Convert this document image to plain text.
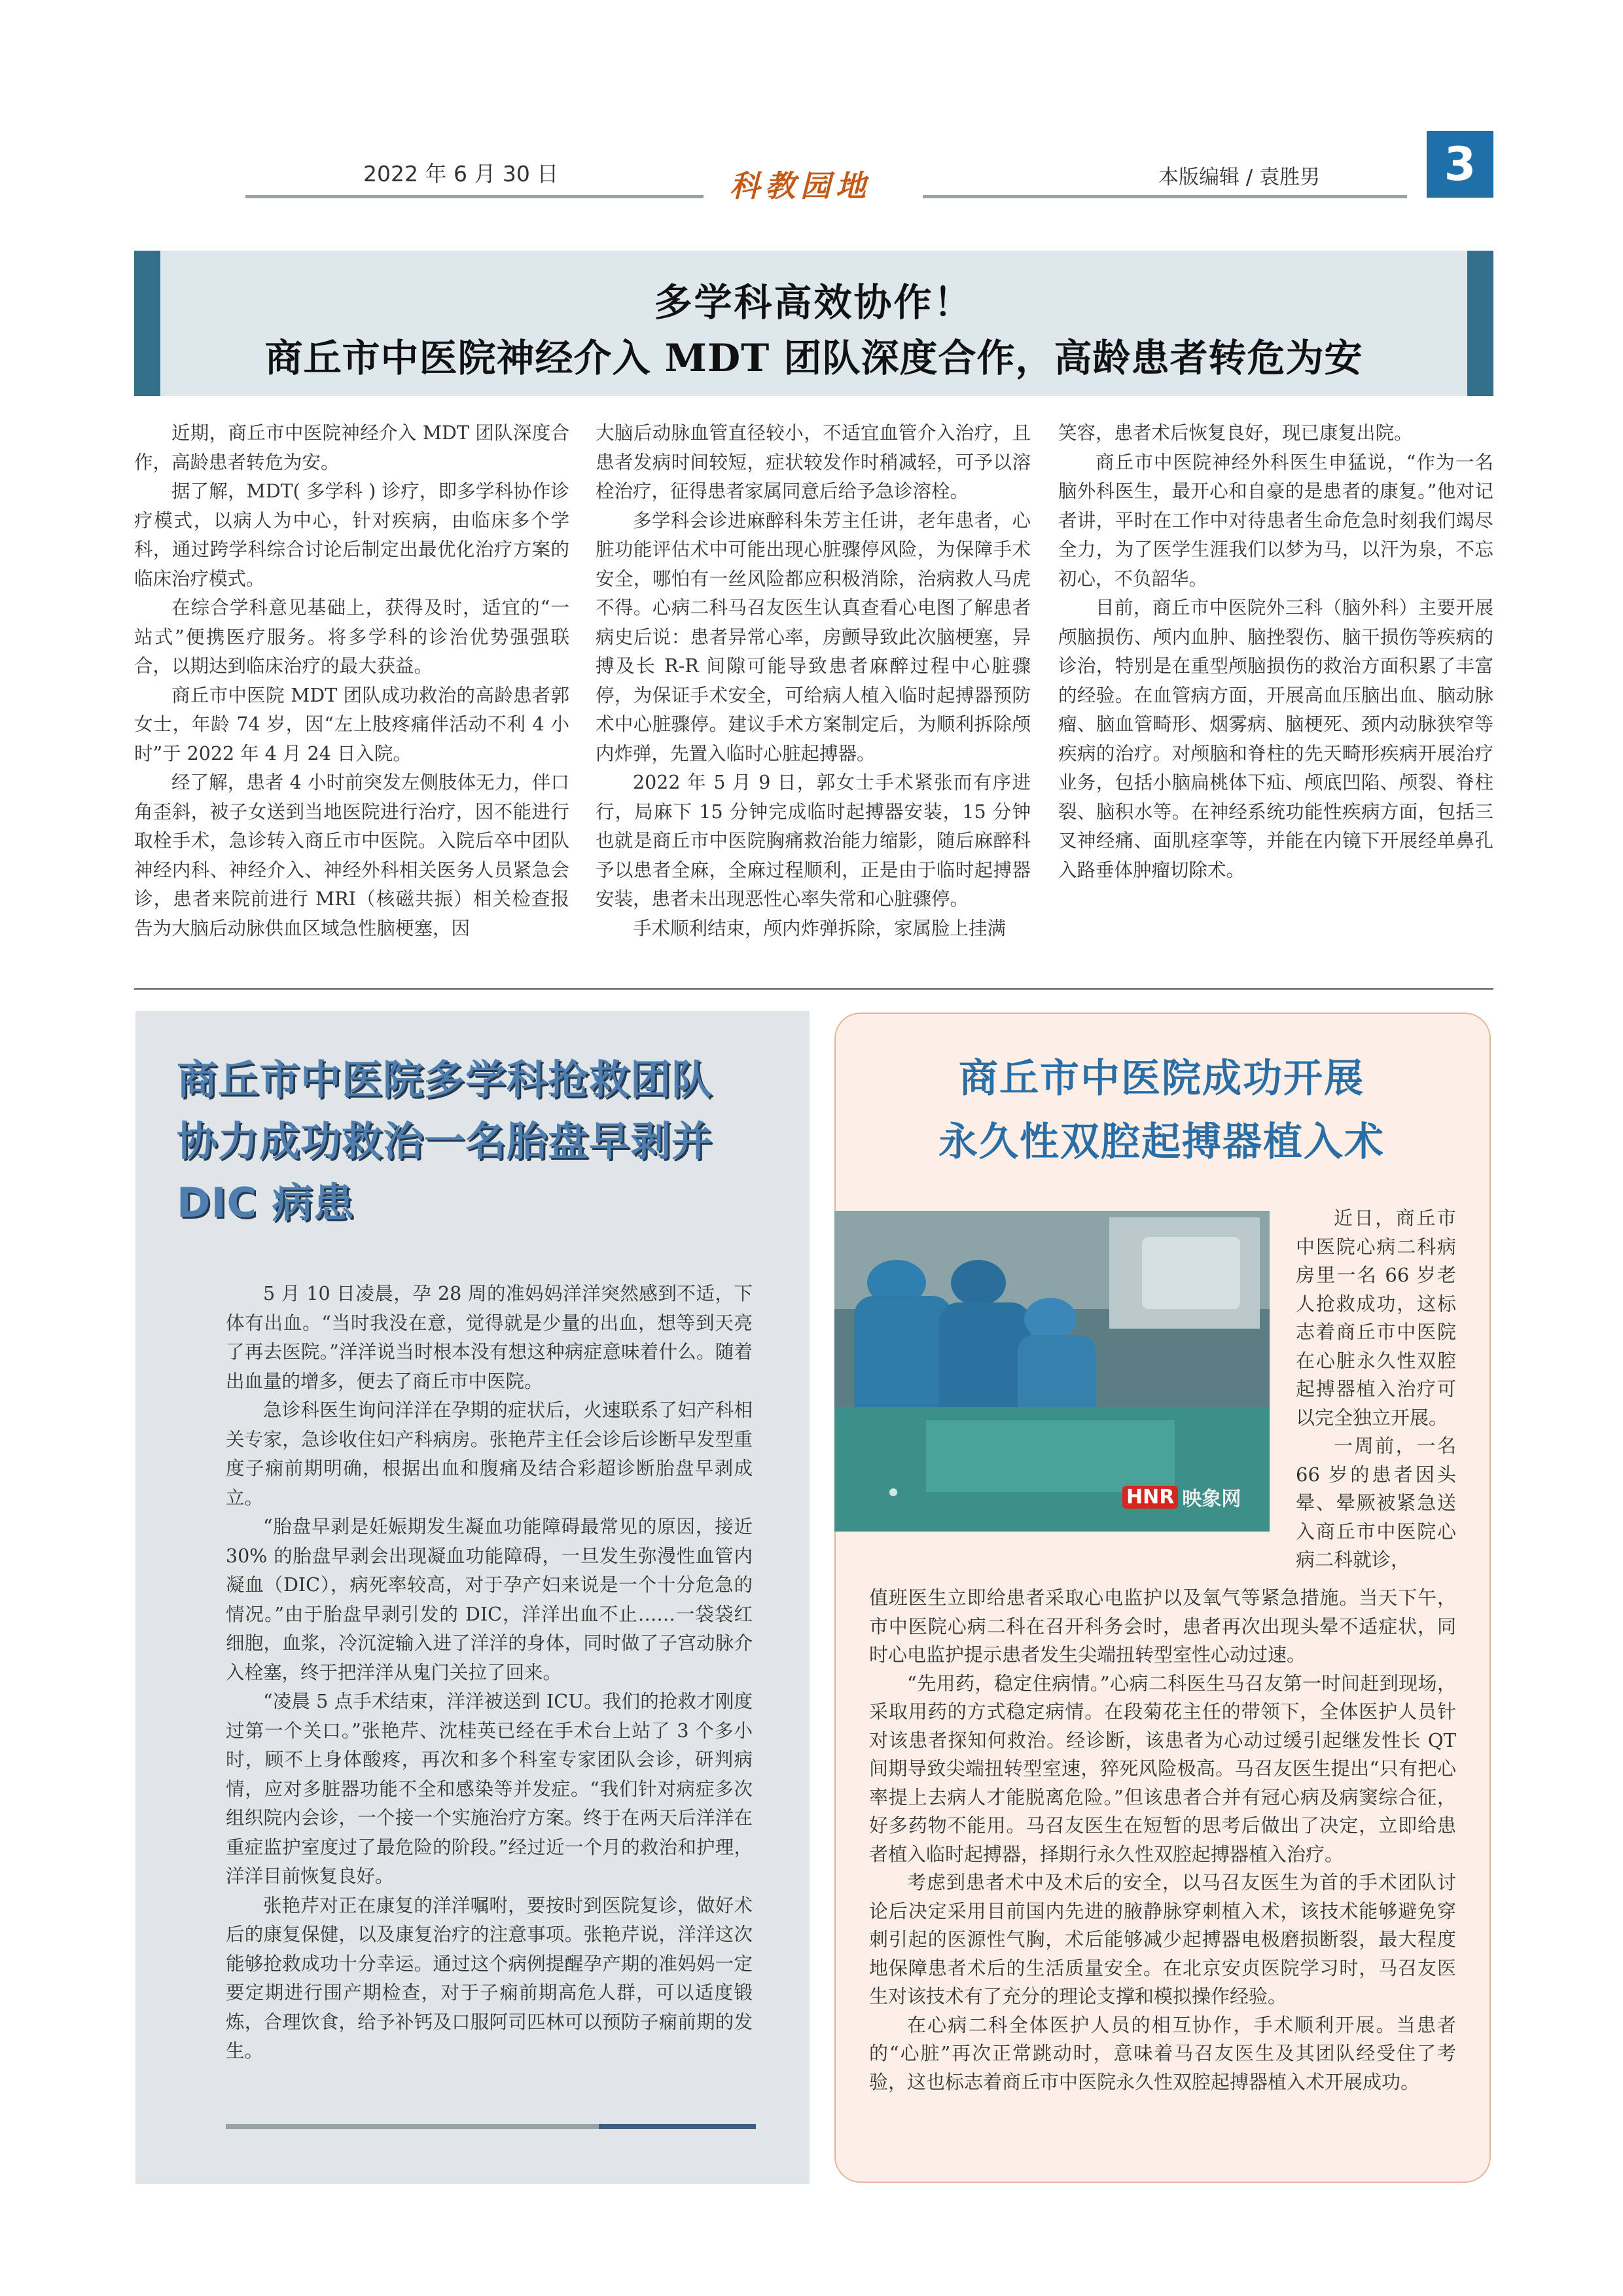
2022 年 6 月 30 日	科教园地	本版编辑 / 袁胜男	3
多学科高效协作！
商丘市中医院神经介入 MDT 团队深度合作，高龄患者转危为安

近期，商丘市中医院神经介入 MDT 团队深度合作，高龄患者转危为安。

据了解，MDT( 多学科 ) 诊疗，即多学科协作诊疗模式，以病人为中心，针对疾病，由临床多个学科，通过跨学科综合讨论后制定出最优化治疗方案的临床治疗模式。

在综合学科意见基础上，获得及时，适宜的“一站式”便携医疗服务。将多学科的诊治优势强强联合，以期达到临床治疗的最大获益。

商丘市中医院 MDT 团队成功救治的高龄患者郭女士，年龄 74 岁，因“左上肢疼痛伴活动不利 4 小时”于 2022 年 4 月 24 日入院。

经了解，患者 4 小时前突发左侧肢体无力，伴口角歪斜，被子女送到当地医院进行治疗，因不能进行取栓手术，急诊转入商丘市中医院。入院后卒中团队神经内科、神经介入、神经外科相关医务人员紧急会诊，患者来院前进行 MRI（核磁共振）相关检查报告为大脑后动脉供血区域急性脑梗塞，因

大脑后动脉血管直径较小，不适宜血管介入治疗，且患者发病时间较短，症状较发作时稍减轻，可予以溶栓治疗，征得患者家属同意后给予急诊溶栓。

多学科会诊进麻醉科朱芳主任讲，老年患者，心脏功能评估术中可能出现心脏骤停风险，为保障手术安全，哪怕有一丝风险都应积极消除，治病救人马虎不得。心病二科马召友医生认真查看心电图了解患者病史后说：患者异常心率，房颤导致此次脑梗塞，异搏及长 R-R 间隙可能导致患者麻醉过程中心脏骤停，为保证手术安全，可给病人植入临时起搏器预防术中心脏骤停。建议手术方案制定后，为顺利拆除颅内炸弹，先置入临时心脏起搏器。

2022 年 5 月 9 日，郭女士手术紧张而有序进行，局麻下 15 分钟完成临时起搏器安装，15 分钟也就是商丘市中医院胸痛救治能力缩影，随后麻醉科予以患者全麻，全麻过程顺利，正是由于临时起搏器安装，患者未出现恶性心率失常和心脏骤停。

手术顺利结束，颅内炸弹拆除，家属脸上挂满

笑容，患者术后恢复良好，现已康复出院。

商丘市中医院神经外科医生申猛说，“作为一名脑外科医生，最开心和自豪的是患者的康复。”他对记者讲，平时在工作中对待患者生命危急时刻我们竭尽全力，为了医学生涯我们以梦为马，以汗为泉，不忘初心，不负韶华。

目前，商丘市中医院外三科（脑外科）主要开展颅脑损伤、颅内血肿、脑挫裂伤、脑干损伤等疾病的诊治，特别是在重型颅脑损伤的救治方面积累了丰富的经验。在血管病方面，开展高血压脑出血、脑动脉瘤、脑血管畸形、烟雾病、脑梗死、颈内动脉狭窄等疾病的治疗。对颅脑和脊柱的先天畸形疾病开展治疗业务，包括小脑扁桃体下疝、颅底凹陷、颅裂、脊柱裂、脑积水等。在神经系统功能性疾病方面，包括三叉神经痛、面肌痉挛等，并能在内镜下开展经单鼻孔入路垂体肿瘤切除术。

商丘市中医院多学科抢救团队
协力成功救治一名胎盘早剥并
DIC 病患

5 月 10 日凌晨，孕 28 周的准妈妈洋洋突然感到不适，下体有出血。“当时我没在意，觉得就是少量的出血，想等到天亮了再去医院。”洋洋说当时根本没有想这种病症意味着什么。随着出血量的增多，便去了商丘市中医院。

急诊科医生询问洋洋在孕期的症状后，火速联系了妇产科相关专家，急诊收住妇产科病房。张艳芹主任会诊后诊断早发型重度子痫前期明确，根据出血和腹痛及结合彩超诊断胎盘早剥成立。

“胎盘早剥是妊娠期发生凝血功能障碍最常见的原因，接近 30% 的胎盘早剥会出现凝血功能障碍，一旦发生弥漫性血管内凝血（DIC），病死率较高，对于孕产妇来说是一个十分危急的情况。”由于胎盘早剥引发的 DIC，洋洋出血不止……一袋袋红细胞，血浆，冷沉淀输入进了洋洋的身体，同时做了子宫动脉介入栓塞，终于把洋洋从鬼门关拉了回来。

“凌晨 5 点手术结束，洋洋被送到 ICU。我们的抢救才刚度过第一个关口。”张艳芹、沈桂英已经在手术台上站了 3 个多小时，顾不上身体酸疼，再次和多个科室专家团队会诊，研判病情，应对多脏器功能不全和感染等并发症。“我们针对病症多次组织院内会诊，一个接一个实施治疗方案。终于在两天后洋洋在重症监护室度过了最危险的阶段。”经过近一个月的救治和护理，洋洋目前恢复良好。

张艳芹对正在康复的洋洋嘱咐，要按时到医院复诊，做好术后的康复保健，以及康复治疗的注意事项。张艳芹说，洋洋这次能够抢救成功十分幸运。通过这个病例提醒孕产期的准妈妈一定要定期进行围产期检查，对于子痫前期高危人群，可以适度锻炼，合理饮食，给予补钙及口服阿司匹林可以预防子痫前期的发生。

商丘市中医院成功开展
永久性双腔起搏器植入术
HNR 映象网

近日，商丘市中医院心病二科病房里一名 66 岁老人抢救成功，这标志着商丘市中医院在心脏永久性双腔起搏器植入治疗可以完全独立开展。

一周前，一名 66 岁的患者因头晕、晕厥被紧急送入商丘市中医院心病二科就诊，

值班医生立即给患者采取心电监护以及氧气等紧急措施。当天下午，市中医院心病二科在召开科务会时，患者再次出现头晕不适症状，同时心电监护提示患者发生尖端扭转型室性心动过速。

“先用药，稳定住病情。”心病二科医生马召友第一时间赶到现场，采取用药的方式稳定病情。在段菊花主任的带领下，全体医护人员针对该患者探知何救治。经诊断，该患者为心动过缓引起继发性长 QT 间期导致尖端扭转型室速，猝死风险极高。马召友医生提出“只有把心率提上去病人才能脱离危险。”但该患者合并有冠心病及病窦综合征，好多药物不能用。马召友医生在短暂的思考后做出了决定，立即给患者植入临时起搏器，择期行永久性双腔起搏器植入治疗。

考虑到患者术中及术后的安全，以马召友医生为首的手术团队讨论后决定采用目前国内先进的腋静脉穿刺植入术，该技术能够避免穿刺引起的医源性气胸，术后能够减少起搏器电极磨损断裂，最大程度地保障患者术后的生活质量安全。在北京安贞医院学习时，马召友医生对该技术有了充分的理论支撑和模拟操作经验。

在心病二科全体医护人员的相互协作，手术顺利开展。当患者的“心脏”再次正常跳动时，意味着马召友医生及其团队经受住了考验，这也标志着商丘市中医院永久性双腔起搏器植入术开展成功。
